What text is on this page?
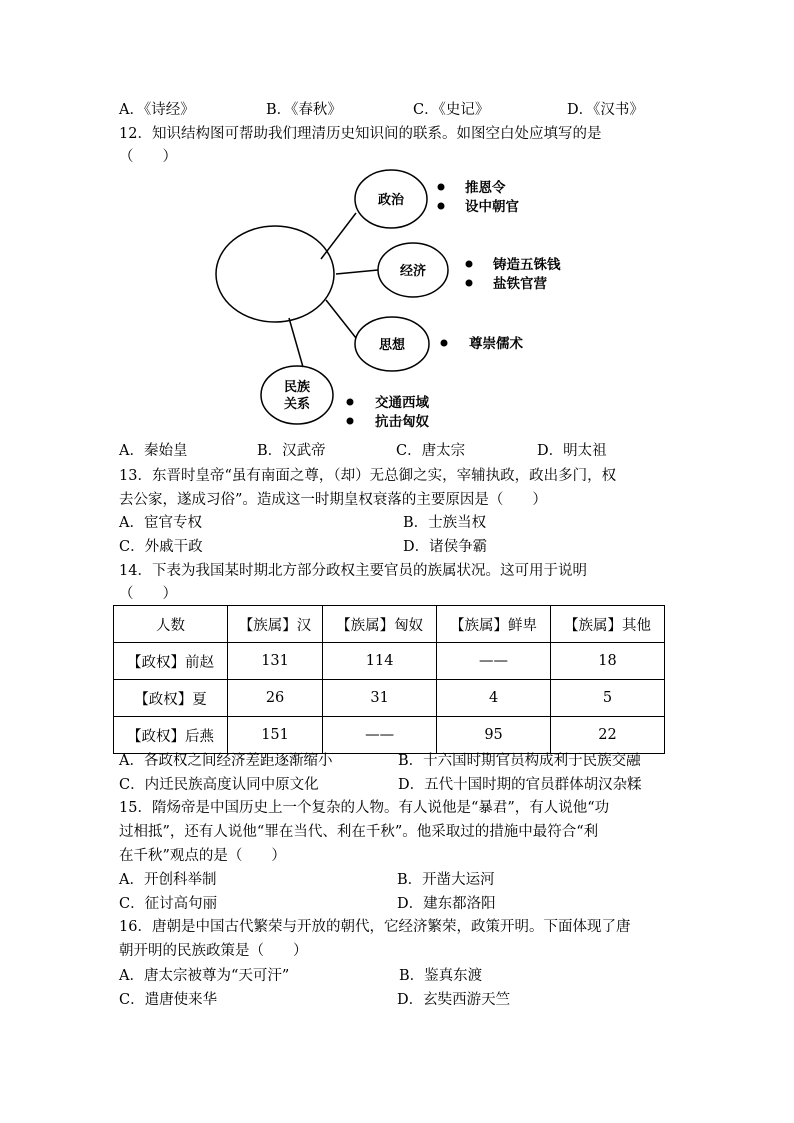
A．《诗经》	B．《春秋》	C．《史记》	D．《汉书》
12．知识结构图可帮助我们理清历史知识间的联系。如图空白处应填写的是
（　　）
政治
经济
思想
民族
关系
推恩令
设中朝官
铸造五铢钱
盐铁官营
尊崇儒术
交通西域
抗击匈奴
A．秦始皇	B．汉武帝	C．唐太宗	D．明太祖
13．东晋时皇帝“虽有南面之尊，（却）无总御之实，宰辅执政，政出多门，权
去公家，遂成习俗”。造成这一时期皇权衰落的主要原因是（　　）
A．宦官专权	B．士族当权
C．外戚干政	D．诸侯争霸
14．下表为我国某时期北方部分政权主要官员的族属状况。这可用于说明
（　　）
人数	【族属】汉	【族属】匈奴	【族属】鲜卑	【族属】其他
【政权】前赵	131	114	——	18
【政权】夏	26	31	4	5
【政权】后燕	151	——	95	22
A．各政权之间经济差距逐渐缩小	B．十六国时期官员构成利于民族交融
C．内迁民族高度认同中原文化	D．五代十国时期的官员群体胡汉杂糅
15．隋炀帝是中国历史上一个复杂的人物。有人说他是“暴君”，有人说他“功
过相抵”，还有人说他“罪在当代、利在千秋”。他采取过的措施中最符合“利
在千秋”观点的是（　　）
A．开创科举制	B．开凿大运河
C．征讨高句丽	D．建东都洛阳
16．唐朝是中国古代繁荣与开放的朝代，它经济繁荣，政策开明。下面体现了唐
朝开明的民族政策是（　　）
A．唐太宗被尊为“天可汗”	B．鉴真东渡
C．遣唐使来华	D．玄奘西游天竺
